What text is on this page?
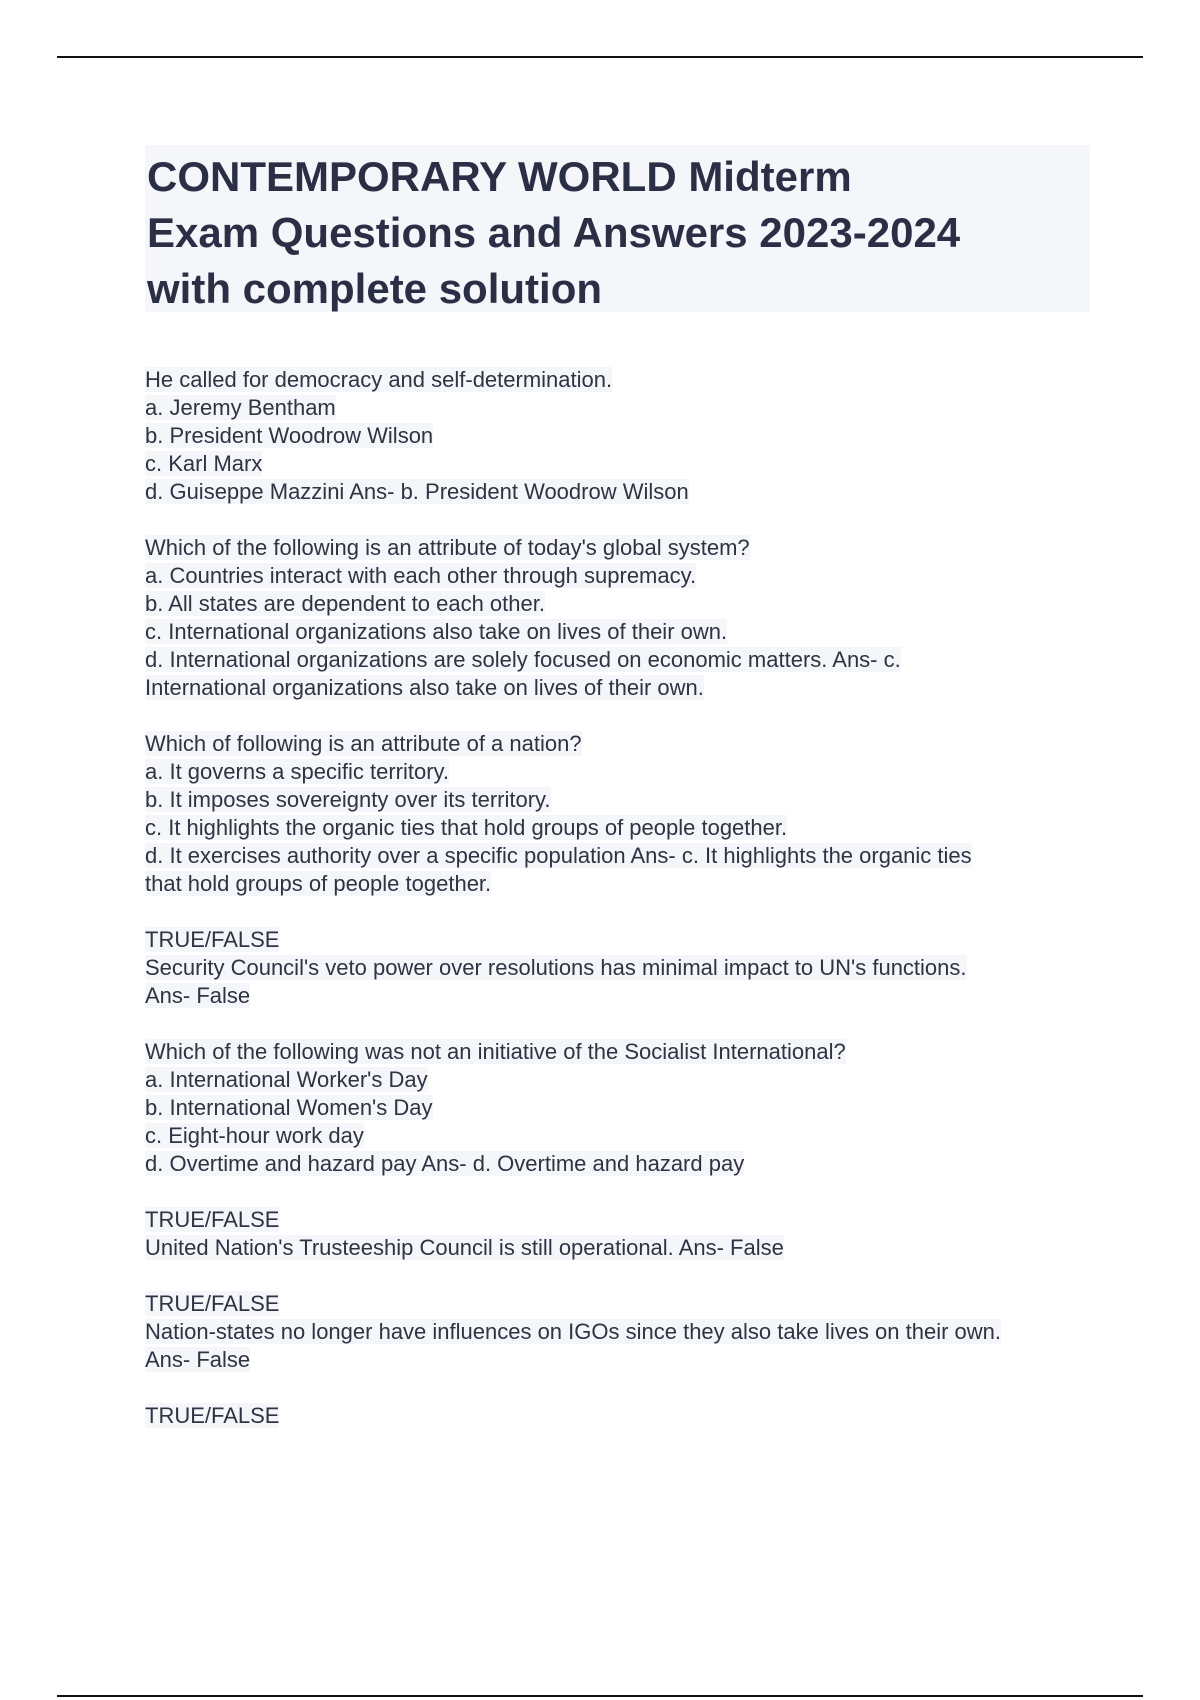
CONTEMPORARY WORLD Midterm
Exam Questions and Answers 2023-2024
with complete solution
He called for democracy and self-determination.
a. Jeremy Bentham
b. President Woodrow Wilson
c. Karl Marx
d. Guiseppe Mazzini Ans- b. President Woodrow Wilson
Which of the following is an attribute of today's global system?
a. Countries interact with each other through supremacy.
b. All states are dependent to each other.
c. International organizations also take on lives of their own.
d. International organizations are solely focused on economic matters. Ans- c.
International organizations also take on lives of their own.
Which of following is an attribute of a nation?
a. It governs a specific territory.
b. It imposes sovereignty over its territory.
c. It highlights the organic ties that hold groups of people together.
d. It exercises authority over a specific population Ans- c. It highlights the organic ties
that hold groups of people together.
TRUE/FALSE
Security Council's veto power over resolutions has minimal impact to UN's functions.
Ans- False
Which of the following was not an initiative of the Socialist International?
a. International Worker's Day
b. International Women's Day
c. Eight-hour work day
d. Overtime and hazard pay Ans- d. Overtime and hazard pay
TRUE/FALSE
United Nation's Trusteeship Council is still operational. Ans- False
TRUE/FALSE
Nation-states no longer have influences on IGOs since they also take lives on their own.
Ans- False
TRUE/FALSE
